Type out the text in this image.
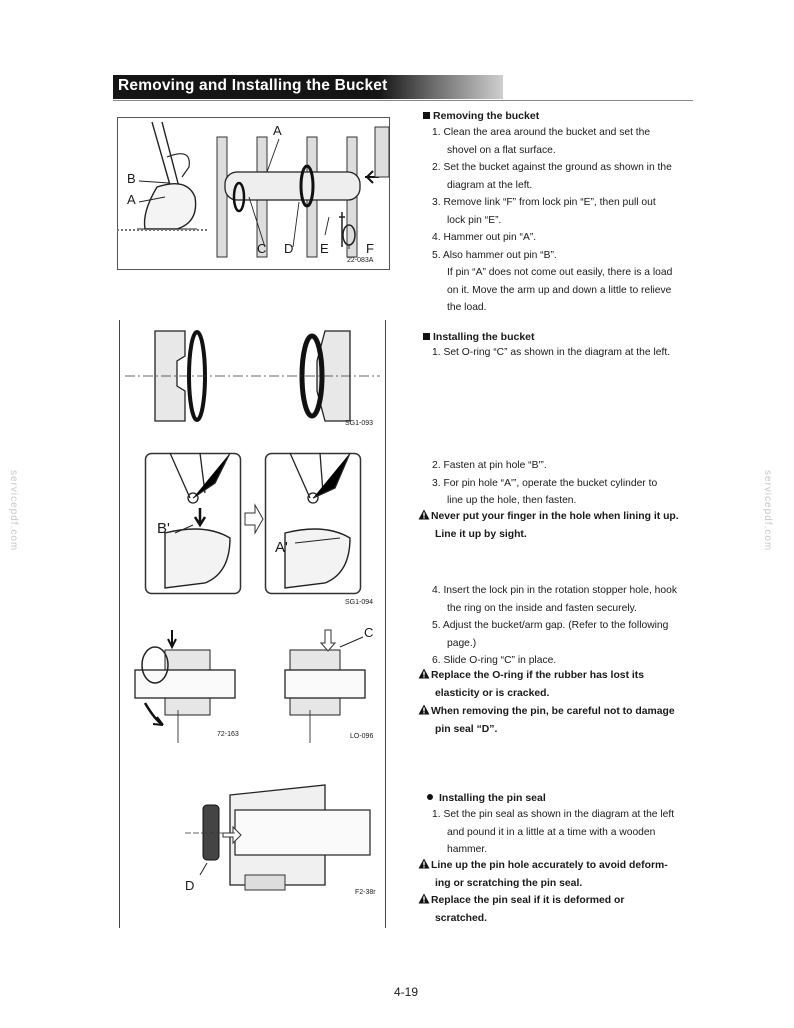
Removing and Installing the Bucket
servicepdf.com	servicepdf.com
A
B
A
C D E	F
22-083A
SG1-093
B'
A'
SG1-094
C
72-163	LO-096
D	F2-38r
Removing the bucket
1. Clean the area around the bucket and set the
shovel on a flat surface.
2. Set the bucket against the ground as shown in the
diagram at the left.
3. Remove link “F” from lock pin “E”, then pull out
lock pin “E”.
4. Hammer out pin “A”.
5. Also hammer out pin “B”.
If pin “A” does not come out easily, there is a load
on it. Move the arm up and down a little to relieve
the load.
Installing the bucket
1. Set O-ring “C” as shown in the diagram at the left.
2. Fasten at pin hole “B'”.
3. For pin hole “A'”, operate the bucket cylinder to
line up the hole, then fasten.
Never put your finger in the hole when lining it up.
Line it up by sight.
4. Insert the lock pin in the rotation stopper hole, hook
the ring on the inside and fasten securely.
5. Adjust the bucket/arm gap. (Refer to the following
page.)
6. Slide O-ring “C” in place.
Replace the O-ring if the rubber has lost its
elasticity or is cracked.
When removing the pin, be careful not to damage
pin seal “D”.
Installing the pin seal
1. Set the pin seal as shown in the diagram at the left
and pound it in a little at a time with a wooden
hammer.
Line up the pin hole accurately to avoid deform-
ing or scratching the pin seal.
Replace the pin seal if it is deformed or
scratched.
4-19
